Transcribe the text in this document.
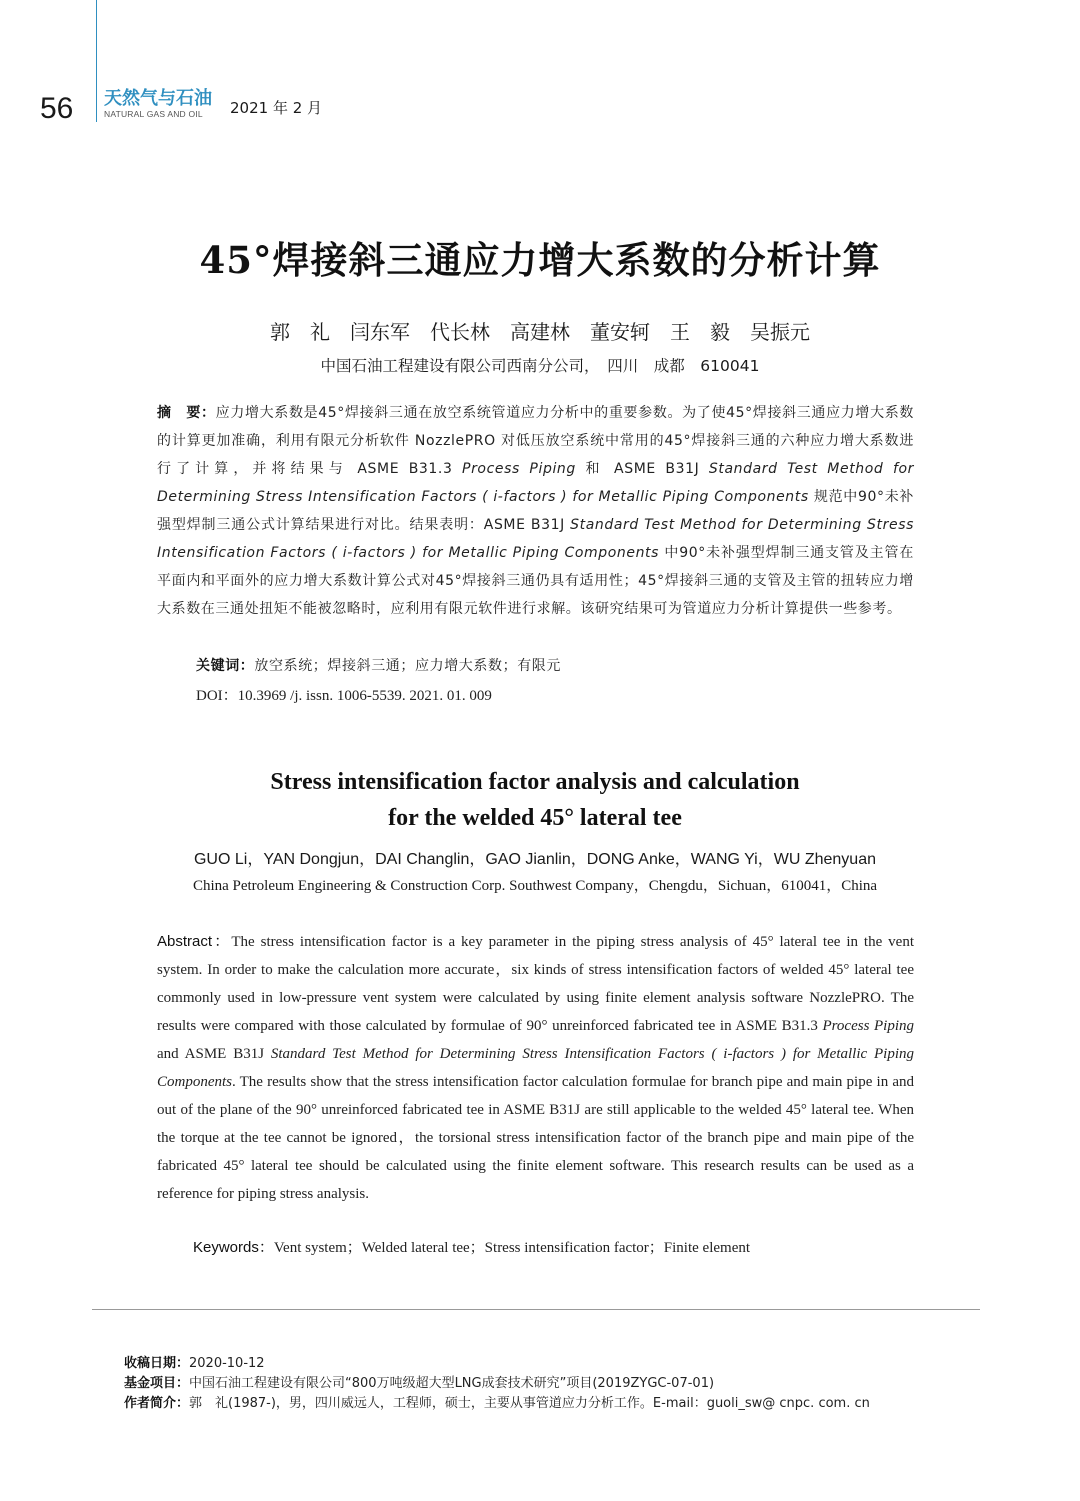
56 天然气与石油
NATURAL GAS AND OIL 2021 年 2 月
45°焊接斜三通应力增大系数的分析计算
郭　礼　闫东军　代长林　高建林　董安轲　王　毅　吴振元
中国石油工程建设有限公司西南分公司，　四川　成都　610041
摘　要：应力增大系数是45°焊接斜三通在放空系统管道应力分析中的重要参数。为了使45°焊接斜三通应力增大系数的计算更加准确，利用有限元分析软件 NozzlePRO 对低压放空系统中常用的45°焊接斜三通的六种应力增大系数进行了计算，并将结果与 ASME B31.3 Process Piping 和 ASME B31J Standard Test Method for Determining Stress Intensification Factors ( i-factors ) for Metallic Piping Components 规范中90°未补强型焊制三通公式计算结果进行对比。结果表明：ASME B31J Standard Test Method for Determining Stress Intensification Factors ( i-factors ) for Metallic Piping Components 中90°未补强型焊制三通支管及主管在平面内和平面外的应力增大系数计算公式对45°焊接斜三通仍具有适用性；45°焊接斜三通的支管及主管的扭转应力增大系数在三通处扭矩不能被忽略时，应利用有限元软件进行求解。该研究结果可为管道应力分析计算提供一些参考。
关键词：放空系统；焊接斜三通；应力增大系数；有限元
DOI：10.3969 /j. issn. 1006-5539. 2021. 01. 009
Stress intensification factor analysis and calculation
for the welded 45° lateral tee
GUO Li，YAN Dongjun，DAI Changlin，GAO Jianlin，DONG Anke，WANG Yi，WU Zhenyuan
China Petroleum Engineering & Construction Corp. Southwest Company，Chengdu，Sichuan，610041，China
Abstract：The stress intensification factor is a key parameter in the piping stress analysis of 45° lateral tee in the vent system. In order to make the calculation more accurate，six kinds of stress intensification factors of welded 45° lateral tee commonly used in low-pressure vent system were calculated by using finite element analysis software NozzlePRO. The results were compared with those calculated by formulae of 90° unreinforced fabricated tee in ASME B31.3 Process Piping and ASME B31J Standard Test Method for Determining Stress Intensification Factors ( i-factors ) for Metallic Piping Components. The results show that the stress intensification factor calculation formulae for branch pipe and main pipe in and out of the plane of the 90° unreinforced fabricated tee in ASME B31J are still applicable to the welded 45° lateral tee. When the torque at the tee cannot be ignored，the torsional stress intensification factor of the branch pipe and main pipe of the fabricated 45° lateral tee should be calculated using the finite element software. This research results can be used as a reference for piping stress analysis.
Keywords：Vent system；Welded lateral tee；Stress intensification factor；Finite element
收稿日期：2020-10-12
基金项目：中国石油工程建设有限公司“800万吨级超大型LNG成套技术研究”项目(2019ZYGC-07-01)
作者简介：郭　礼(1987-)，男，四川威远人，工程师，硕士，主要从事管道应力分析工作。E-mail：guoli_sw@ cnpc. com. cn
